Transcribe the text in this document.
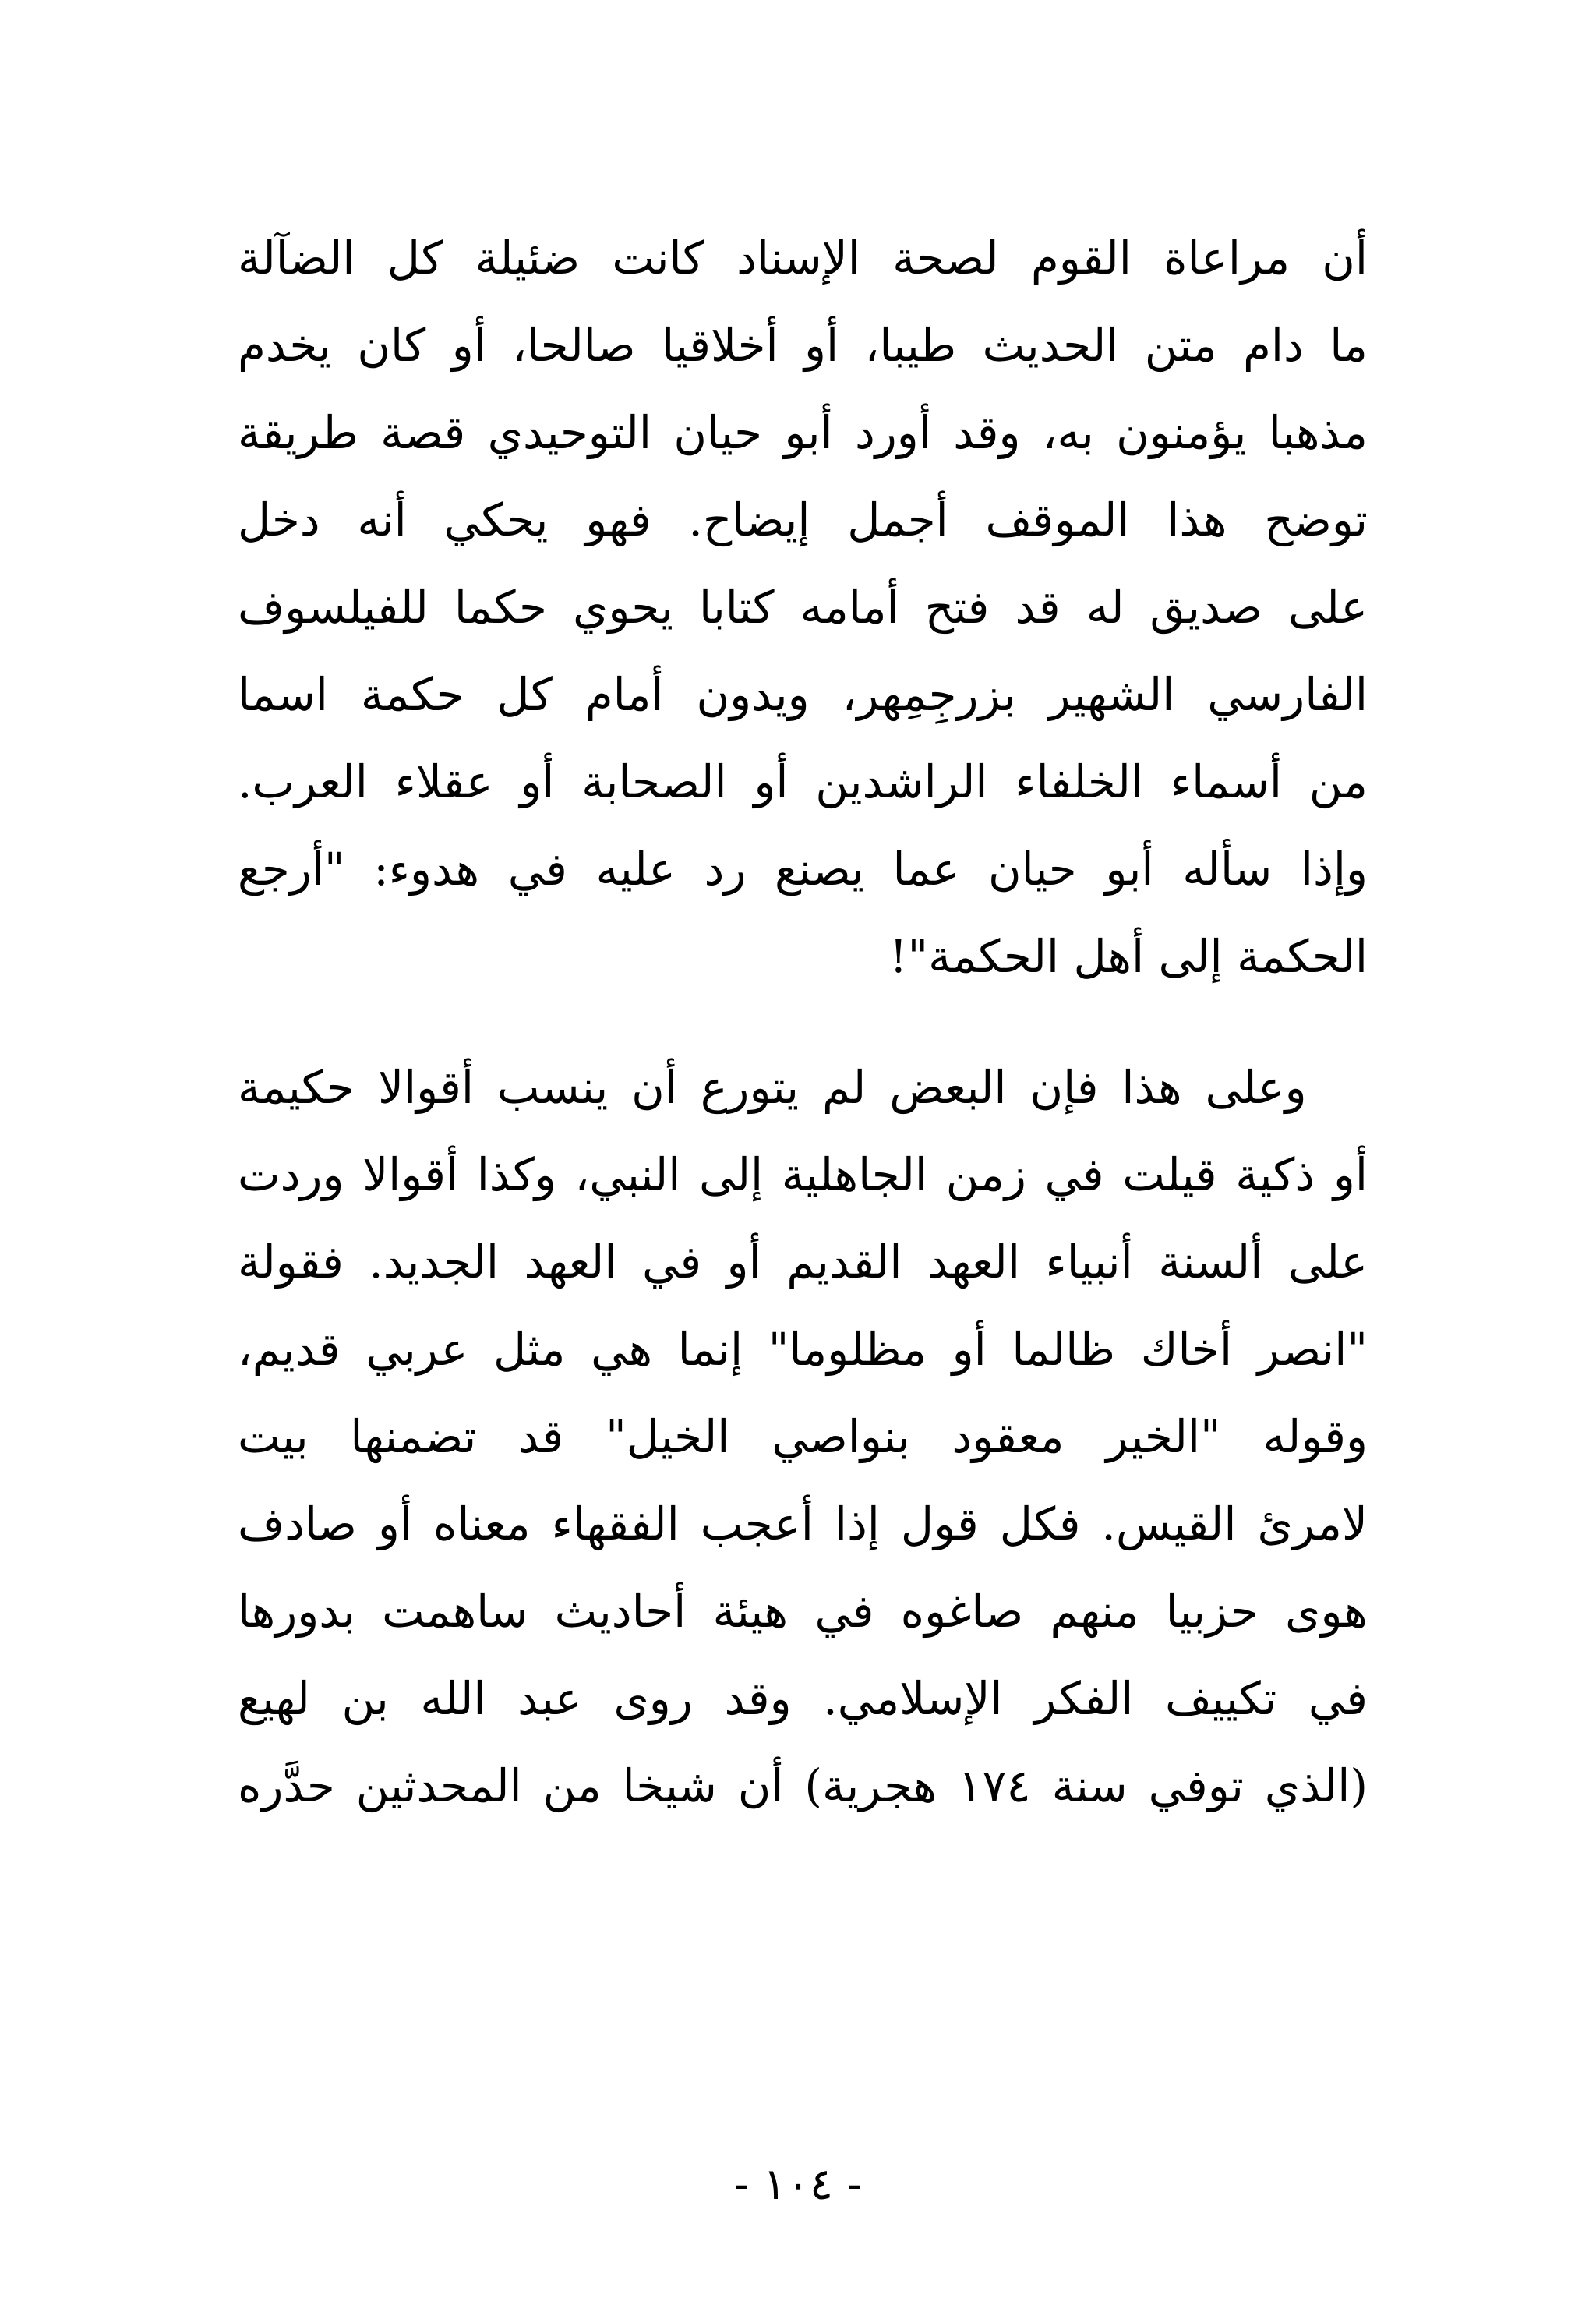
أن مراعاة القوم لصحة الإسناد كانت ضئيلة كل الضآلة
ما دام متن الحديث طيبا، أو أخلاقيا صالحا، أو كان يخدم
مذهبا يؤمنون به، وقد أورد أبو حيان التوحيدي قصة طريقة
توضح هذا الموقف أجمل إيضاح. فهو يحكي أنه دخل
على صديق له قد فتح أمامه كتابا يحوي حكما للفيلسوف
الفارسي الشهير بزرجِمِهر، ويدون أمام كل حكمة اسما
من أسماء الخلفاء الراشدين أو الصحابة أو عقلاء العرب.
وإذا سأله أبو حيان عما يصنع رد عليه في هدوء: "أرجع
الحكمة إلى أهل الحكمة"!
وعلى هذا فإن البعض لم يتورع أن ينسب أقوالا حكيمة
أو ذكية قيلت في زمن الجاهلية إلى النبي، وكذا أقوالا وردت
على ألسنة أنبياء العهد القديم أو في العهد الجديد. فقولة
"انصر أخاك ظالما أو مظلوما" إنما هي مثل عربي قديم،
وقوله "الخير معقود بنواصي الخيل" قد تضمنها بيت
لامرئ القيس. فكل قول إذا أعجب الفقهاء معناه أو صادف
هوى حزبيا منهم صاغوه في هيئة أحاديث ساهمت بدورها
في تكييف الفكر الإسلامي. وقد روى عبد الله بن لهيع
(الذي توفي سنة ١٧٤ هجرية) أن شيخا من المحدثين حدَّره
- ١٠٤ -
